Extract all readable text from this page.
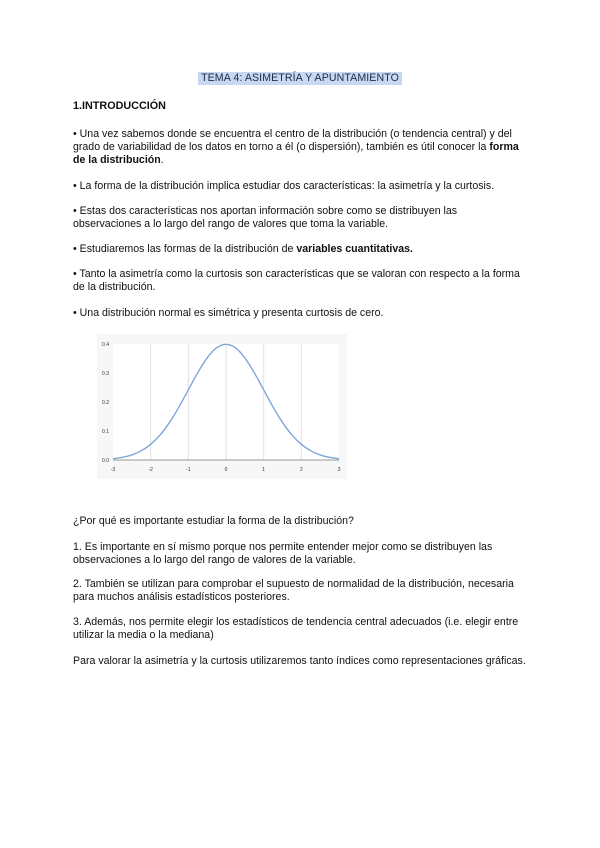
TEMA 4: ASIMETRÍA Y APUNTAMIENTO
1.INTRODUCCIÓN
• Una vez sabemos donde se encuentra el centro de la distribución (o tendencia central) y del grado de variabilidad de los datos en torno a él (o dispersión), también es útil conocer la forma de la distribución.
• La forma de la distribución implica estudiar dos características: la asimetría y la curtosis.
• Estas dos características nos aportan información sobre como se distribuyen las observaciones a lo largo del rango de valores que toma la variable.
• Estudiaremos las formas de la distribución de variables cuantitativas.
• Tanto la asimetría como la curtosis son características que se valoran con respecto a la forma de la distribución.
• Una distribución normal es simétrica y presenta curtosis de cero.
-3	-2	-1	0	1	2	3
0.0
0.1
0.2
0.3
0.4
¿Por qué es importante estudiar la forma de la distribución?
1. Es importante en sí mismo porque nos permite entender mejor como se distribuyen las observaciones a lo largo del rango de valores de la variable.
2. También se utilizan para comprobar el supuesto de normalidad de la distribución, necesaria para muchos análisis estadísticos posteriores.
3. Además, nos permite elegir los estadísticos de tendencia central adecuados (i.e. elegir entre utilizar la media o la mediana)
Para valorar la asimetría y la curtosis utilizaremos tanto índices como representaciones gráficas.
